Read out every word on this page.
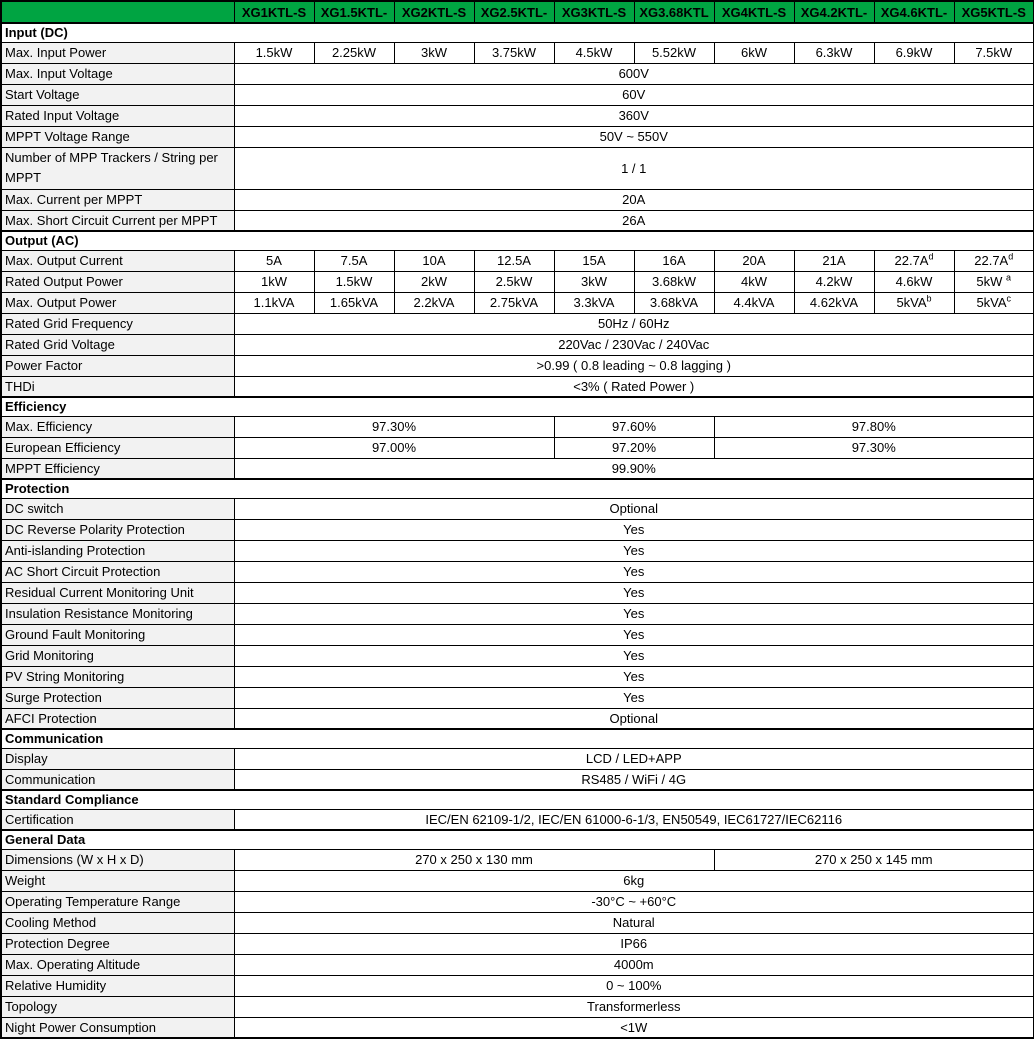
	XG1KTL-S	XG1.5KTL-	XG2KTL-S	XG2.5KTL-	XG3KTL-S	XG3.68KTL	XG4KTL-S	XG4.2KTL-	XG4.6KTL-	XG5KTL-S
Input (DC)										
Max. Input Power	1.5kW	2.25kW	3kW	3.75kW	4.5kW	5.52kW	6kW	6.3kW	6.9kW	7.5kW
Max. Input Voltage	600V									
Start Voltage	60V									
Rated Input Voltage	360V									
MPPT Voltage Range	50V ~ 550V									
Number of MPP Trackers / String per MPPT	1 / 1									
Max. Current per MPPT	20A									
Max. Short Circuit Current per MPPT	26A									
Output (AC)										
Max. Output Current	5A	7.5A	10A	12.5A	15A	16A	20A	21A	$22.7A^d$	$22.7A^d$
Rated Output Power	1kW	1.5kW	2kW	2.5kW	3kW	3.68kW	4kW	4.2kW	4.6kW	5kW $^a$
Max. Output Power	1.1kVA	1.65kVA	2.2kVA	2.75kVA	3.3kVA	3.68kVA	4.4kVA	4.62kVA	5kVA$^b$	5kVA$^c$
Rated Grid Frequency	50Hz / 60Hz									
Rated Grid Voltage	220Vac / 230Vac / 240Vac									
Power Factor	>0.99 ( 0.8 leading ~ 0.8 lagging )									
THDi	<3% ( Rated Power )									
Efficiency										
Max. Efficiency	97.30%				97.60%		97.80%			
European Efficiency	97.00%				97.20%		97.30%			
MPPT Efficiency	99.90%									
Protection										
DC switch	Optional									
DC Reverse Polarity Protection	Yes									
Anti-islanding Protection	Yes									
AC Short Circuit Protection	Yes									
Residual Current Monitoring Unit	Yes									
Insulation Resistance Monitoring	Yes									
Ground Fault Monitoring	Yes									
Grid Monitoring	Yes									
PV String Monitoring	Yes									
Surge Protection	Yes									
AFCI Protection	Optional									
Communication										
Display	LCD / LED+APP									
Communication	RS485 / WiFi / 4G									
Standard Compliance										
Certification	IEC/EN 62109-1/2, IEC/EN 61000-6-1/3, EN50549, IEC61727/IEC62116									
General Data										
Dimensions (W x H x D)	270 x 250 x 130 mm						270 x 250 x 145 mm			
Weight	6kg									
Operating Temperature Range	-30°C ~ +60°C									
Cooling Method	Natural									
Protection Degree	IP66									
Max. Operating Altitude	4000m									
Relative Humidity	0 ~ 100%									
Topology	Transformerless									
Night Power Consumption	<1W									
